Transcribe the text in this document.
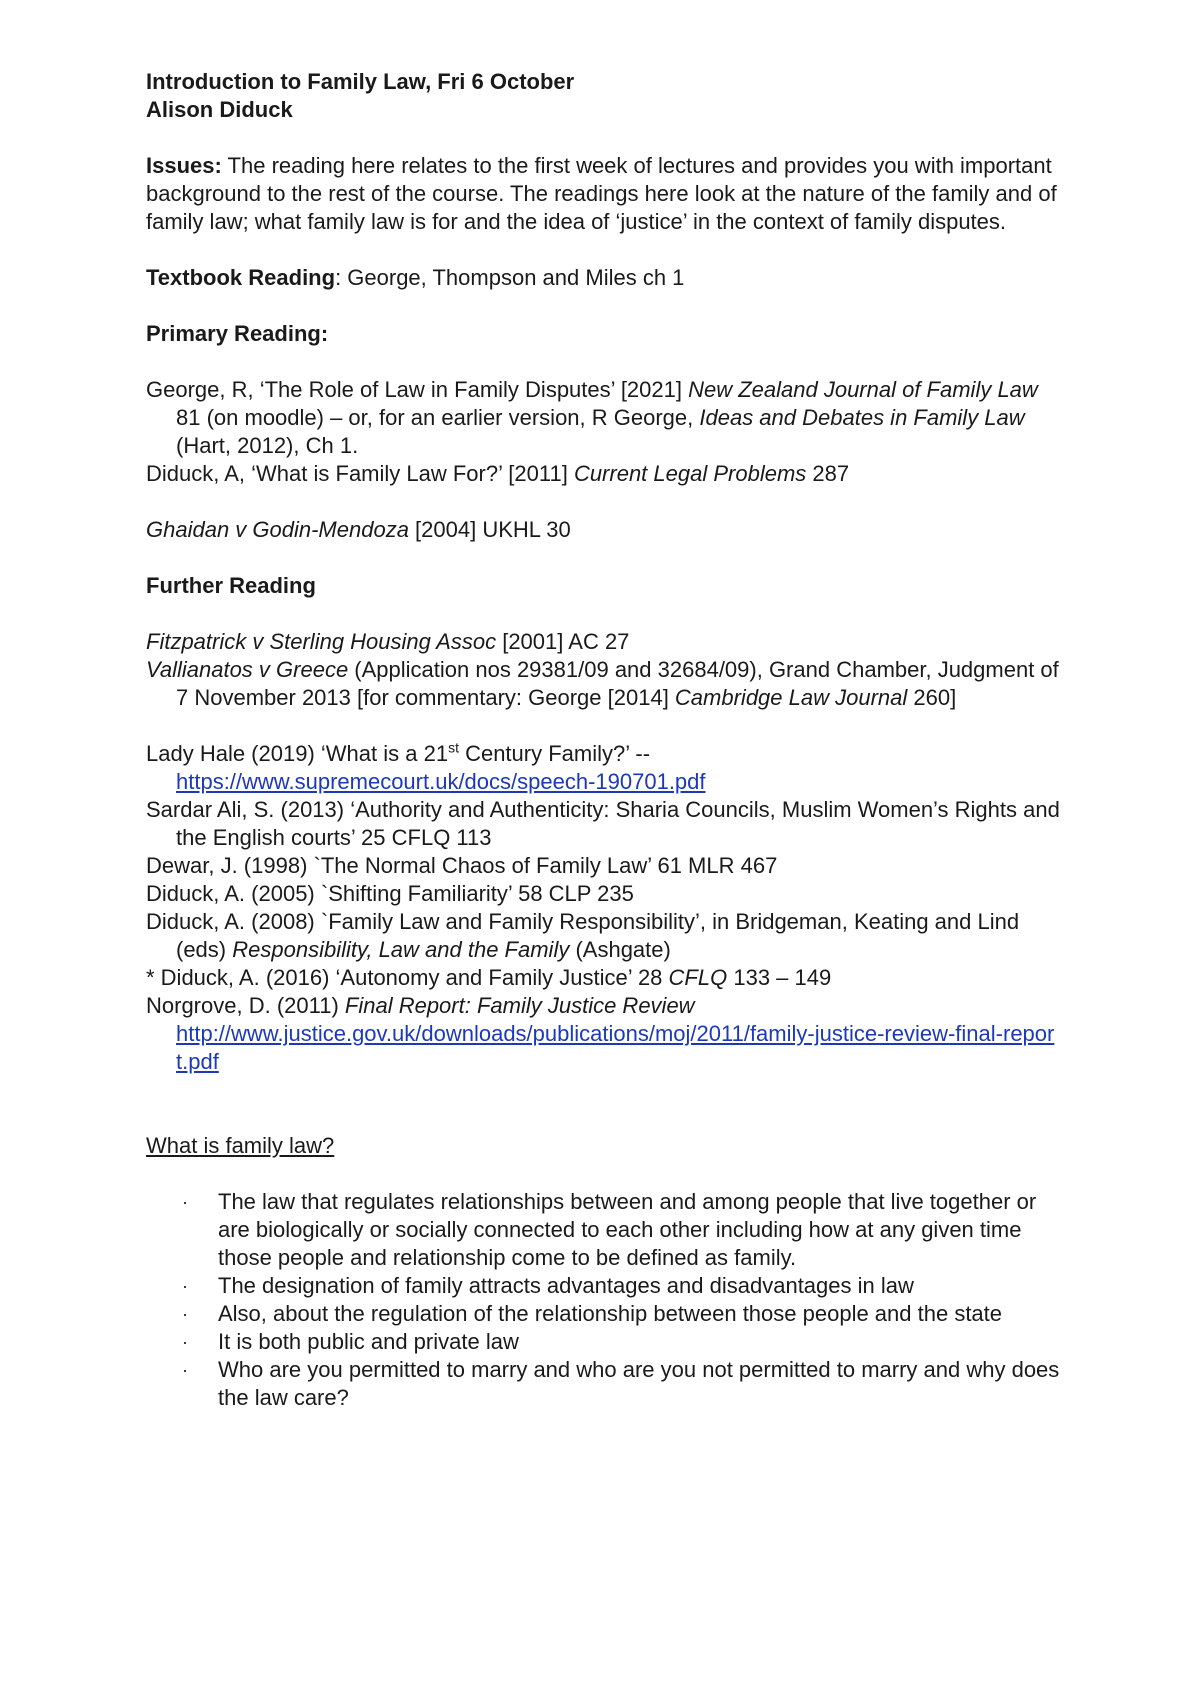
Introduction to Family Law, Fri 6 October

Alison Diduck

Issues: The reading here relates to the first week of lectures and provides you with important background to the rest of the course. The readings here look at the nature of the family and of family law; what family law is for and the idea of ‘justice’ in the context of family disputes.

Textbook Reading: George, Thompson and Miles ch 1

Primary Reading:

George, R, ‘The Role of Law in Family Disputes’ [2021] New Zealand Journal of Family Law 81 (on moodle) – or, for an earlier version, R George, Ideas and Debates in Family Law (Hart, 2012), Ch 1.

Diduck, A, ‘What is Family Law For?’ [2011] Current Legal Problems 287

Ghaidan v Godin-Mendoza [2004] UKHL 30

Further Reading

Fitzpatrick v Sterling Housing Assoc [2001] AC 27

Vallianatos v Greece (Application nos 29381/09 and 32684/09), Grand Chamber, Judgment of 7 November 2013 [for commentary: George [2014] Cambridge Law Journal 260]

Lady Hale (2019) ‘What is a 21st Century Family?’ --
https://www.supremecourt.uk/docs/speech-190701.pdf

Sardar Ali, S. (2013) ‘Authority and Authenticity: Sharia Councils, Muslim Women’s Rights and the English courts’ 25 CFLQ 113

Dewar, J. (1998) `The Normal Chaos of Family Law’ 61 MLR 467

Diduck, A. (2005) `Shifting Familiarity’ 58 CLP 235

Diduck, A. (2008) `Family Law and Family Responsibility’, in Bridgeman, Keating and Lind (eds) Responsibility, Law and the Family (Ashgate)

* Diduck, A. (2016) ‘Autonomy and Family Justice’ 28 CFLQ 133 – 149

Norgrove, D. (2011) Final Report: Family Justice Review
http://www.justice.gov.uk/downloads/publications/moj/2011/family-justice-review-final-report.pdf

What is family law?

· The law that regulates relationships between and among people that live together or are biologically or socially connected to each other including how at any given time those people and relationship come to be defined as family.
· The designation of family attracts advantages and disadvantages in law
· Also, about the regulation of the relationship between those people and the state
· It is both public and private law
· Who are you permitted to marry and who are you not permitted to marry and why does the law care?
